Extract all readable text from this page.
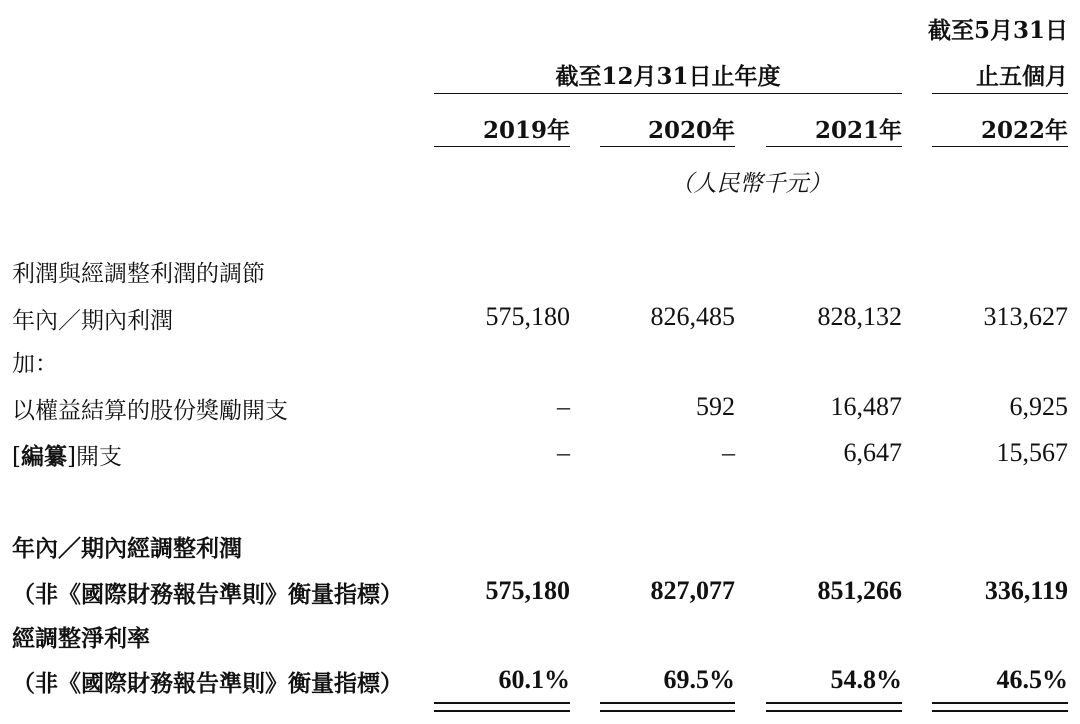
截至5月31日
止五個月
截至12月31日止年度
2019年	2020年	2021年	2022年
（人民幣千元）
利潤與經調整利潤的調節
年內／期內利潤	575,180	826,485	828,132	313,627
加：
以權益結算的股份獎勵開支	–	592	16,487	6,925
[編纂]開支	–	–	6,647	15,567
年內／期內經調整利潤
（非《國際財務報告準則》衡量指標）	575,180	827,077	851,266	336,119
經調整淨利率
（非《國際財務報告準則》衡量指標）	60.1%	69.5%	54.8%	46.5%
